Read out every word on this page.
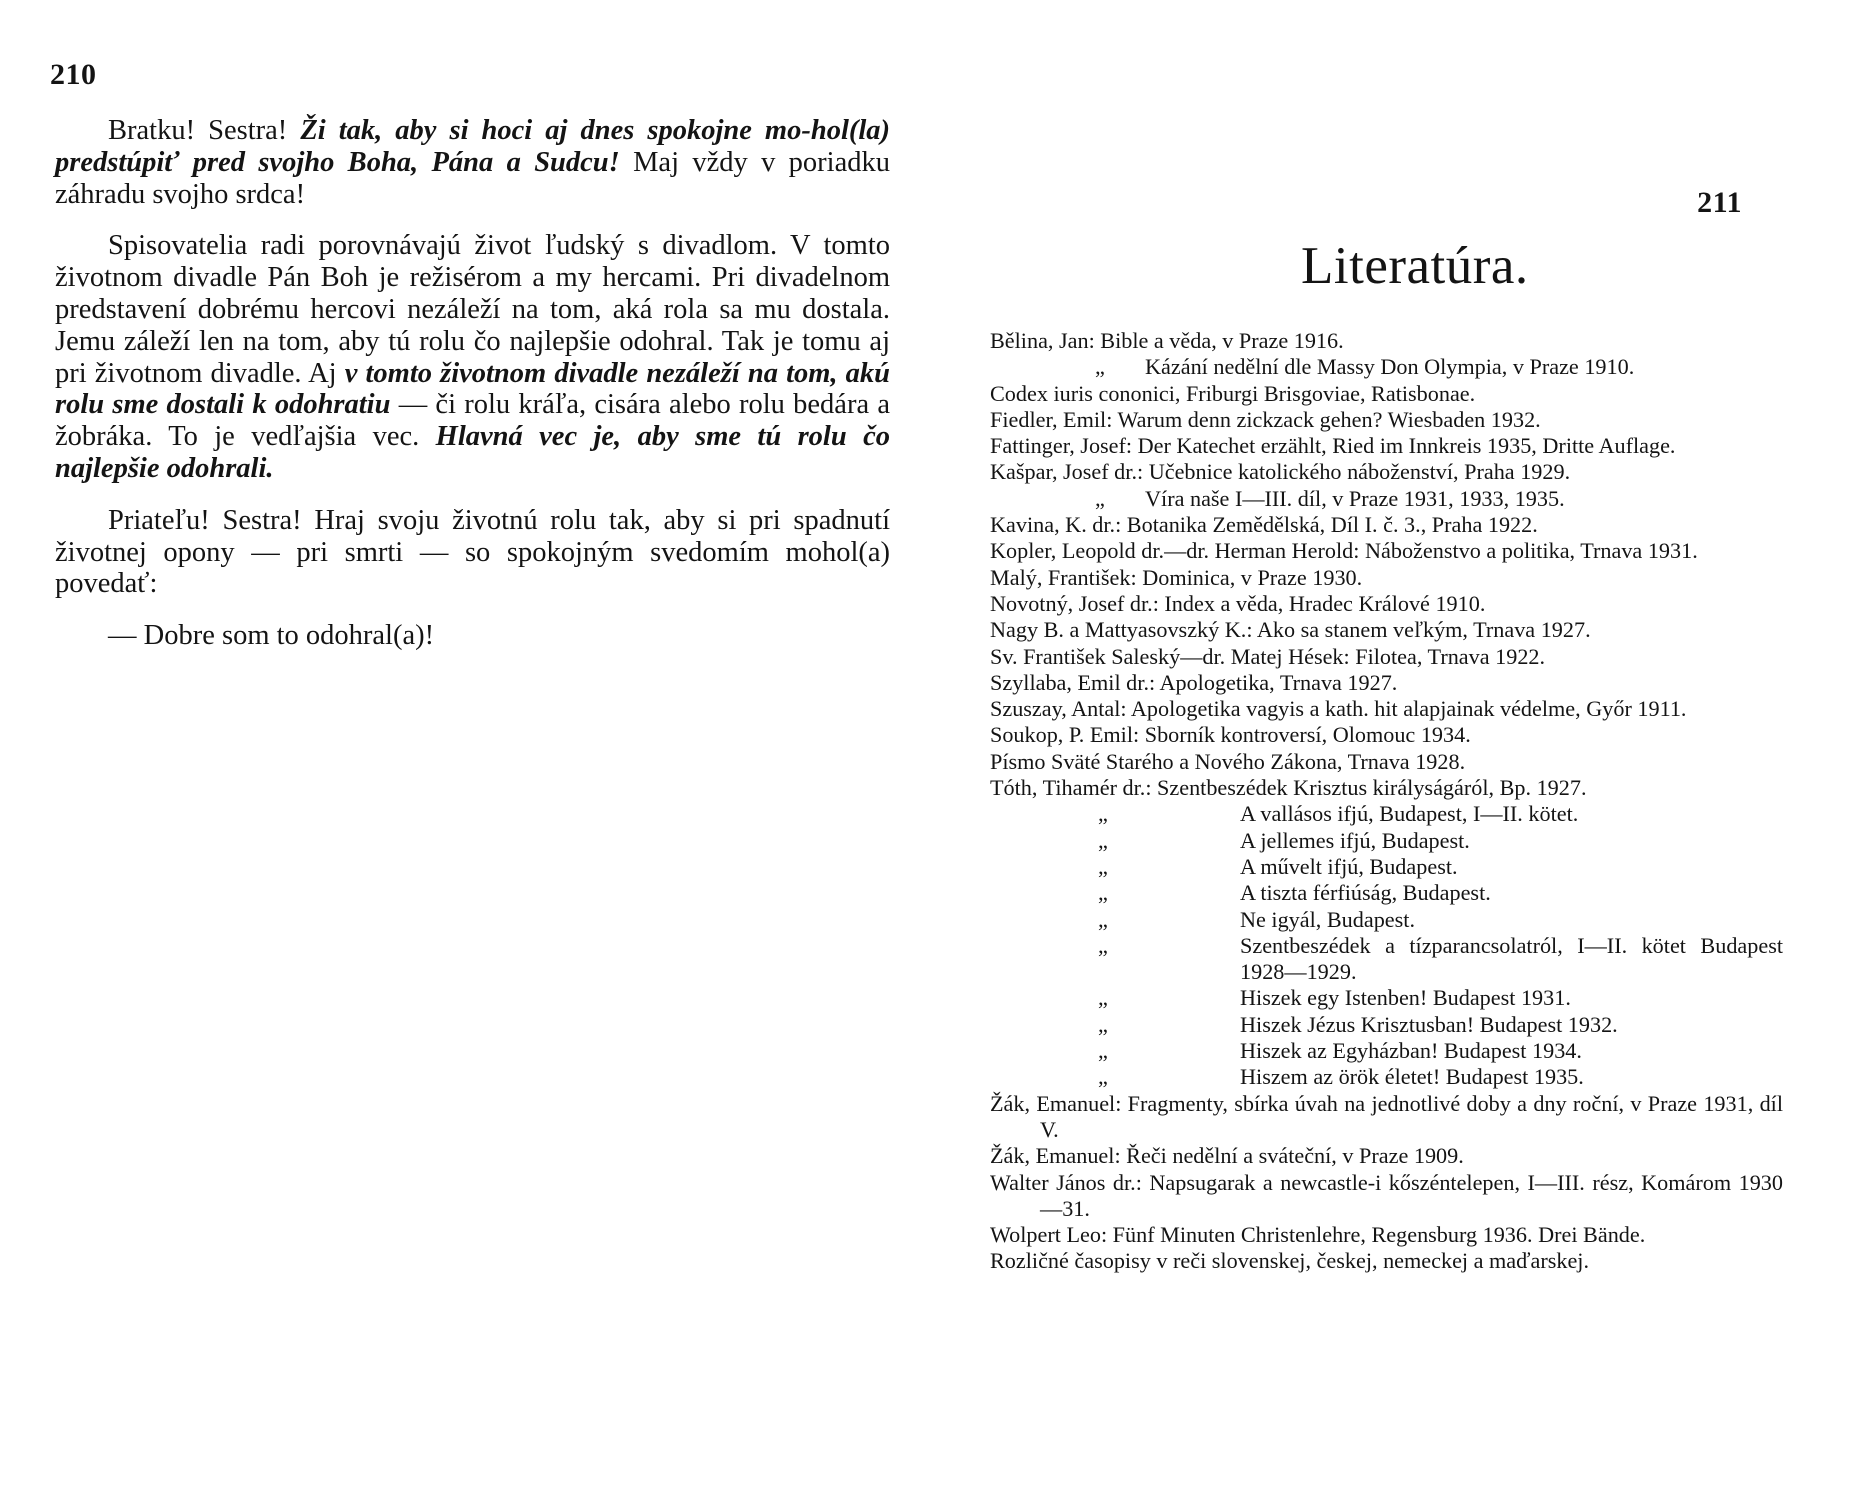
210

Bratku! Sestra! Ži tak, aby si hoci aj dnes spokojne mo-hol(la) predstúpiť pred svojho Boha, Pána a Sudcu! Maj vždy v poriadku záhradu svojho srdca!

Spisovatelia radi porovnávajú život ľudský s divadlom. V tomto životnom divadle Pán Boh je režisérom a my hercami. Pri divadelnom predstavení dobrému hercovi nezáleží na tom, aká rola sa mu dostala. Jemu záleží len na tom, aby tú rolu čo najlepšie odohral. Tak je tomu aj pri životnom divadle. Aj v tomto životnom divadle nezáleží na tom, akú rolu sme dostali k odohratiu — či rolu kráľa, cisára alebo rolu bedára a žobráka. To je vedľajšia vec. Hlavná vec je, aby sme tú rolu čo najlepšie odohrali.

Priateľu! Sestra! Hraj svoju životnú rolu tak, aby si pri spadnutí životnej opony — pri smrti — so spokojným svedomím mohol(a) povedať:

— Dobre som to odohral(a)!

211
Literatúra.
Bělina, Jan: Bible a věda, v Praze 1916.
„ Kázání nedělní dle Massy Don Olympia, v Praze 1910.
Codex iuris cononici, Friburgi Brisgoviae, Ratisbonae.
Fiedler, Emil: Warum denn zickzack gehen? Wiesbaden 1932.
Fattinger, Josef: Der Katechet erzählt, Ried im Innkreis 1935, Dritte Auflage.
Kašpar, Josef dr.: Učebnice katolického náboženství, Praha 1929.
„ Víra naše I—III. díl, v Praze 1931, 1933, 1935.
Kavina, K. dr.: Botanika Zemědělská, Díl I. č. 3., Praha 1922.
Kopler, Leopold dr.—dr. Herman Herold: Náboženstvo a politika, Trnava 1931.
Malý, František: Dominica, v Praze 1930.
Novotný, Josef dr.: Index a věda, Hradec Králové 1910.
Nagy B. a Mattyasovszký K.: Ako sa stanem veľkým, Trnava 1927.
Sv. František Saleský—dr. Matej Hések: Filotea, Trnava 1922.
Szyllaba, Emil dr.: Apologetika, Trnava 1927.
Szuszay, Antal: Apologetika vagyis a kath. hit alapjainak védelme, Győr 1911.
Soukop, P. Emil: Sborník kontroversí, Olomouc 1934.
Písmo Sväté Starého a Nového Zákona, Trnava 1928.
Tóth, Tihamér dr.: Szentbeszédek Krisztus királyságáról, Bp. 1927.
„	A vallásos ifjú, Budapest, I—II. kötet.
„	A jellemes ifjú, Budapest.
„	A művelt ifjú, Budapest.
„	A tiszta férfiúság, Budapest.
„	Ne igyál, Budapest.
„	Szentbeszédek a tízparancsolatról, I—II. kötet Budapest 1928—1929.
„	Hiszek egy Istenben! Budapest 1931.
„	Hiszek Jézus Krisztusban! Budapest 1932.
„	Hiszek az Egyházban! Budapest 1934.
„	Hiszem az örök életet! Budapest 1935.
Žák, Emanuel: Fragmenty, sbírka úvah na jednotlivé doby a dny roční, v Praze 1931, díl V.
Žák, Emanuel: Řeči nedělní a sváteční, v Praze 1909.
Walter János dr.: Napsugarak a newcastle-i kőszéntelepen, I—III. rész, Komárom 1930—31.
Wolpert Leo: Fünf Minuten Christenlehre, Regensburg 1936. Drei Bände.
Rozličné časopisy v reči slovenskej, českej, nemeckej a maďarskej.
